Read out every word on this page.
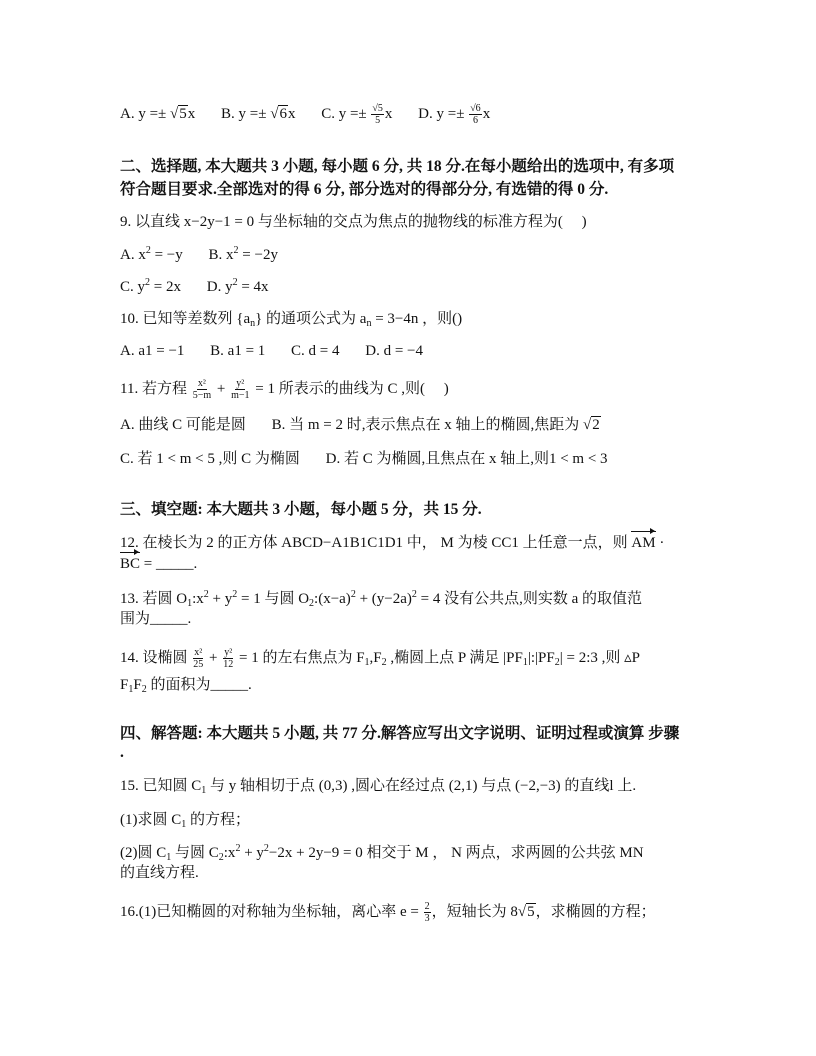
A. y =± √5x B. y =± √6x C. $y =\pm \frac{√5}{5}$ x D. $y =\pm \frac{√6}{6}$ x
二、选择题, 本大题共 3 小题, 每小题 6 分, 共 18 分.在每小题给出的选项中, 有多项
符合题目要求.全部选对的得 6 分, 部分选对的得部分分, 有选错的得 0 分.
9. 以直线 x−2y−1 = 0 与坐标轴的交点为焦点的抛物线的标准方程为(　 )
A. $x^2 = -y$ B. $x^2 = -2y$
C. $y^2 = 2x$ D. $y^2 = 4x$
10. 已知等差数列 $\{a_n\}$ 的通项公式为 $a_n = 3-4n$ ，则()
A. a1 = −1 B. a1 = 1 C. d = 4 D. d = −4
11. 若方程 $\frac{\text{x²}}{5-m} + \frac{\text{y²}}{m-1} = 1$ 所表示的曲线为 C ,则(　 )
A. 曲线 C 可能是圆 B. 当 m = 2 时,表示焦点在 x 轴上的椭圆,焦距为 √2
C. 若 1 < m < 5 ,则 C 为椭圆 D. 若 C 为椭圆,且焦点在 x 轴上,则1 < m < 3
三、填空题: 本大题共 3 小题，每小题 5 分，共 15 分.
12. 在棱长为 2 的正方体 ABCD−A1B1C1D1 中， M 为棱 CC1 上任意一点，则 AM ·
BC = _____.
13. 若圆 $O_1:x^2 + y^2 = 1$ 与圆 $O_2:(x-a)^2 + (y-2a)^2 = 4$ 没有公共点,则实数 a 的取值范
围为_____.
14. 设椭圆 $\frac{\text{x²}}{25} + \frac{\text{y²}}{12} = 1$ 的左右焦点为 $F_1,F_2$ ,椭圆上点 P 满足 $|PF_1|:|PF_2|$ = 2:3 ,则 ▵P
$F_1F_2$ 的面积为_____.
四、解答题: 本大题共 5 小题, 共 77 分.解答应写出文字说明、证明过程或演算 步骤
.
15. 已知圆 $C_1$ 与 y 轴相切于点 (0,3) ,圆心在经过点 (2,1) 与点 (−2,−3) 的直线l 上.
(1)求圆 $C_1$ 的方程；
(2)圆 $C_1$ 与圆 $C_2:x^2 + y^2-2x + 2y-9 = 0$ 相交于 M ， N 两点，求两圆的公共弦 MN
的直线方程.
16.(1)已知椭圆的对称轴为坐标轴，离心率 $e = \frac{2}{3}$ ，短轴长为 8√5，求椭圆的方程；
